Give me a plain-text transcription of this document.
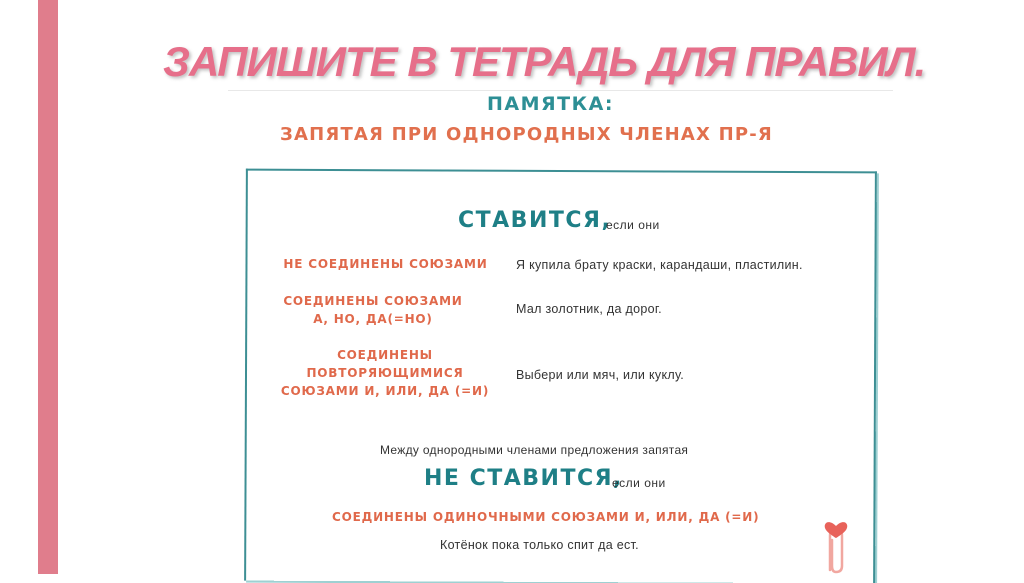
ЗАПИШИТЕ В ТЕТРАДЬ ДЛЯ ПРАВИЛ.
ПАМЯТКА:
ЗАПЯТАЯ ПРИ ОДНОРОДНЫХ ЧЛЕНАХ ПР-Я
СТАВИТСЯ,
если они
НЕ СОЕДИНЕНЫ СОЮЗАМИ	Я купила брату краски, карандаши, пластилин.
СОЕДИНЕНЫ СОЮЗАМИ
А, НО, ДА(=НО)
Мал золотник, да дорог.
СОЕДИНЕНЫ
ПОВТОРЯЮЩИМИСЯ
СОЮЗАМИ И, ИЛИ, ДА (=И)
Выбери или мяч, или куклу.
Между однородными членами предложения запятая
НЕ СТАВИТСЯ,
если они
СОЕДИНЕНЫ ОДИНОЧНЫМИ СОЮЗАМИ И, ИЛИ, ДА (=И)
Котёнок пока только спит да ест.
